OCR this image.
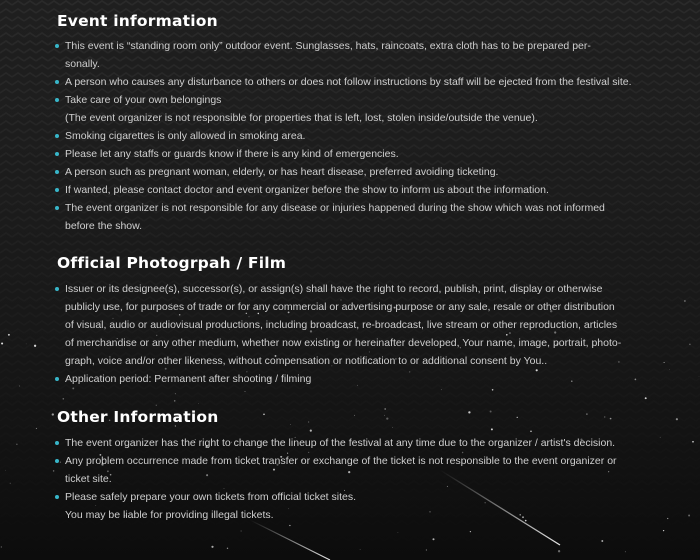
Event information
This event is “standing room only” outdoor event. Sunglasses, hats, raincoats, extra cloth has to be prepared per-
sonally.
A person who causes any disturbance to others or does not follow instructions by staff will be ejected from the festival site.
Take care of your own belongings
(The event organizer is not responsible for properties that is left, lost, stolen inside/outside the venue).
Smoking cigarettes is only allowed in smoking area.
Please let any staffs or guards know if there is any kind of emergencies.
A person such as pregnant woman, elderly, or has heart disease, preferred avoiding ticketing.
If wanted, please contact doctor and event organizer before the show to inform us about the information.
The event organizer is not responsible for any disease or injuries happened during the show which was not informed
before the show.
Official Photogrpah / Film
Issuer or its designee(s), successor(s), or assign(s) shall have the right to record, publish, print, display or otherwise
publicly use, for purposes of trade or for any commercial or advertising purpose or any sale, resale or other distribution
of visual, audio or audiovisual productions, including broadcast, re-broadcast, live stream or other reproduction, articles
of merchandise or any other medium, whether now existing or hereinafter developed, Your name, image, portrait, photo-
graph, voice and/or other likeness, without compensation or notification to or additional consent by You..
Application period: Permanent after shooting / filming
Other Information
The event organizer has the right to change the lineup of the festival at any time due to the organizer / artist's decision.
Any problem occurrence made from ticket transfer or exchange of the ticket is not responsible to the event organizer or
ticket site.
Please safely prepare your own tickets from official ticket sites.
You may be liable for providing illegal tickets.
